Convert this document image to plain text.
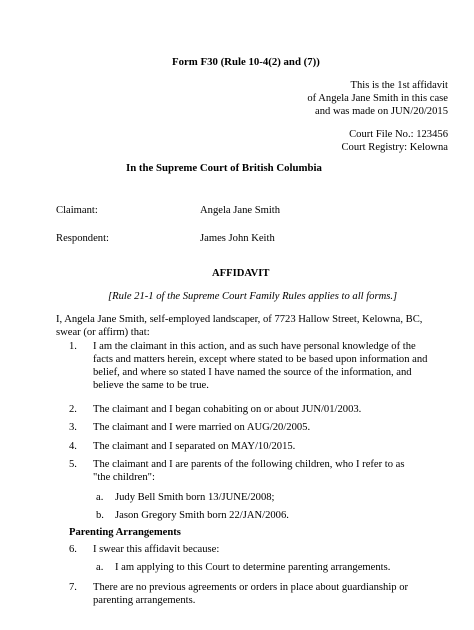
Form F30 (Rule 10-4(2) and (7))
This is the 1st affidavit
of Angela Jane Smith in this case
and was made on JUN/20/2015
Court File No.: 123456
Court Registry: Kelowna
In the Supreme Court of British Columbia
Claimant:	Angela Jane Smith
Respondent:	James John Keith
AFFIDAVIT
[Rule 21-1 of the Supreme Court Family Rules applies to all forms.]
I, Angela Jane Smith, self-employed landscaper, of 7723 Hallow Street, Kelowna, BC, swear (or affirm) that:
1. I am the claimant in this action, and as such have personal knowledge of the facts and matters herein, except where stated to be based upon information and belief, and where so stated I have named the source of the information, and believe the same to be true.
2. The claimant and I began cohabiting on or about JUN/01/2003.
3. The claimant and I were married on AUG/20/2005.
4. The claimant and I separated on MAY/10/2015.
5. The claimant and I are parents of the following children, who I refer to as "the children":
a. Judy Bell Smith born 13/JUNE/2008;
b. Jason Gregory Smith born 22/JAN/2006.
Parenting Arrangements
6. I swear this affidavit because:
a. I am applying to this Court to determine parenting arrangements.
7. There are no previous agreements or orders in place about guardianship or parenting arrangements.
